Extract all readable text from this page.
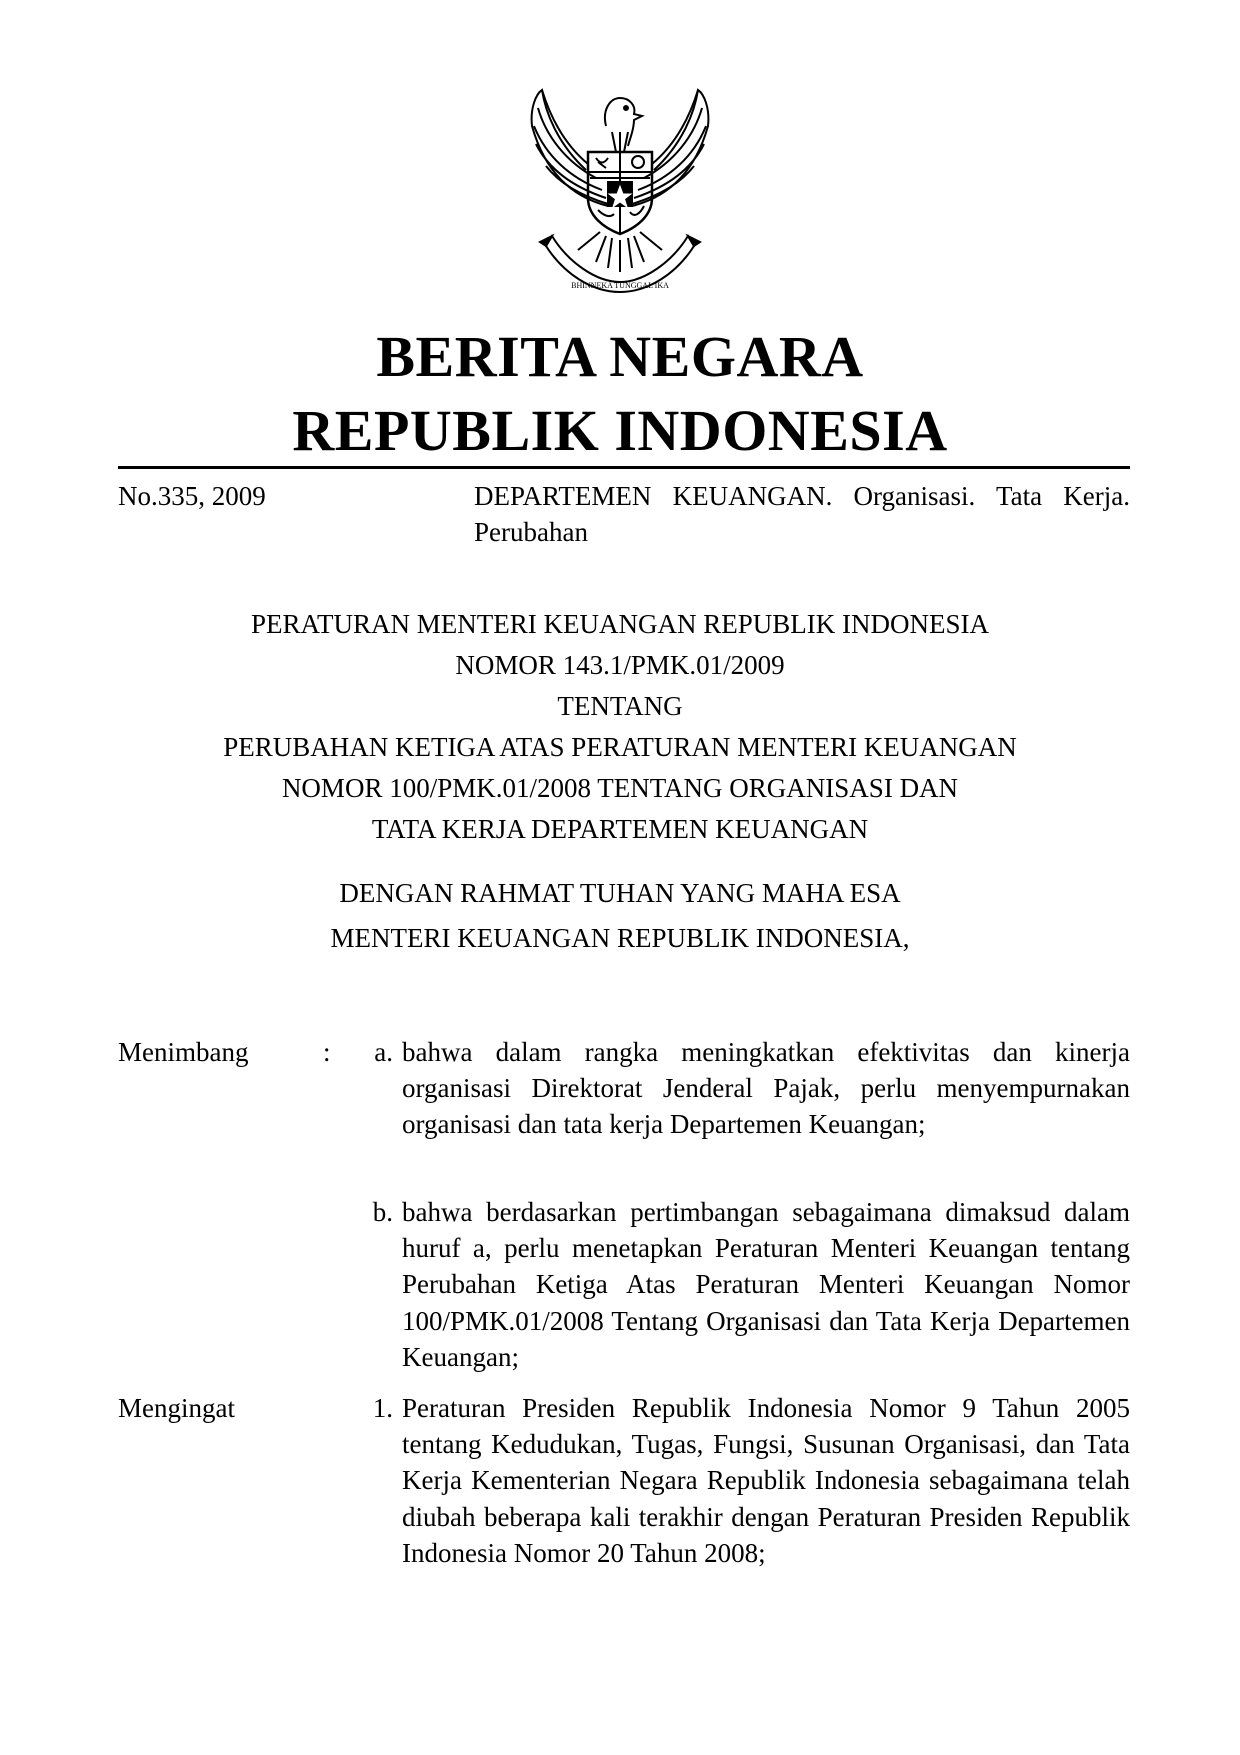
BHINNEKA TUNGGAL IKA
BERITA NEGARA
REPUBLIK INDONESIA
No.335, 2009	DEPARTEMEN KEUANGAN. Organisasi. Tata Kerja. Perubahan
PERATURAN MENTERI KEUANGAN REPUBLIK INDONESIA
NOMOR 143.1/PMK.01/2009
TENTANG
PERUBAHAN KETIGA ATAS PERATURAN MENTERI KEUANGAN
NOMOR 100/PMK.01/2008 TENTANG ORGANISASI DAN
TATA KERJA DEPARTEMEN KEUANGAN
DENGAN RAHMAT TUHAN YANG MAHA ESA
MENTERI KEUANGAN REPUBLIK INDONESIA,
Menimbang	:	a. bahwa dalam rangka meningkatkan efektivitas dan kinerja organisasi Direktorat Jenderal Pajak, perlu menyempurnakan organisasi dan tata kerja Departemen Keuangan;
b. bahwa berdasarkan pertimbangan sebagaimana dimaksud dalam huruf a, perlu menetapkan Peraturan Menteri Keuangan tentang Perubahan Ketiga Atas Peraturan Menteri Keuangan Nomor 100/PMK.01/2008 Tentang Organisasi dan Tata Kerja Departemen Keuangan;
Mengingat	1. Peraturan Presiden Republik Indonesia Nomor 9 Tahun 2005 tentang Kedudukan, Tugas, Fungsi, Susunan Organisasi, dan Tata Kerja Kementerian Negara Republik Indonesia sebagaimana telah diubah beberapa kali terakhir dengan Peraturan Presiden Republik Indonesia Nomor 20 Tahun 2008;
